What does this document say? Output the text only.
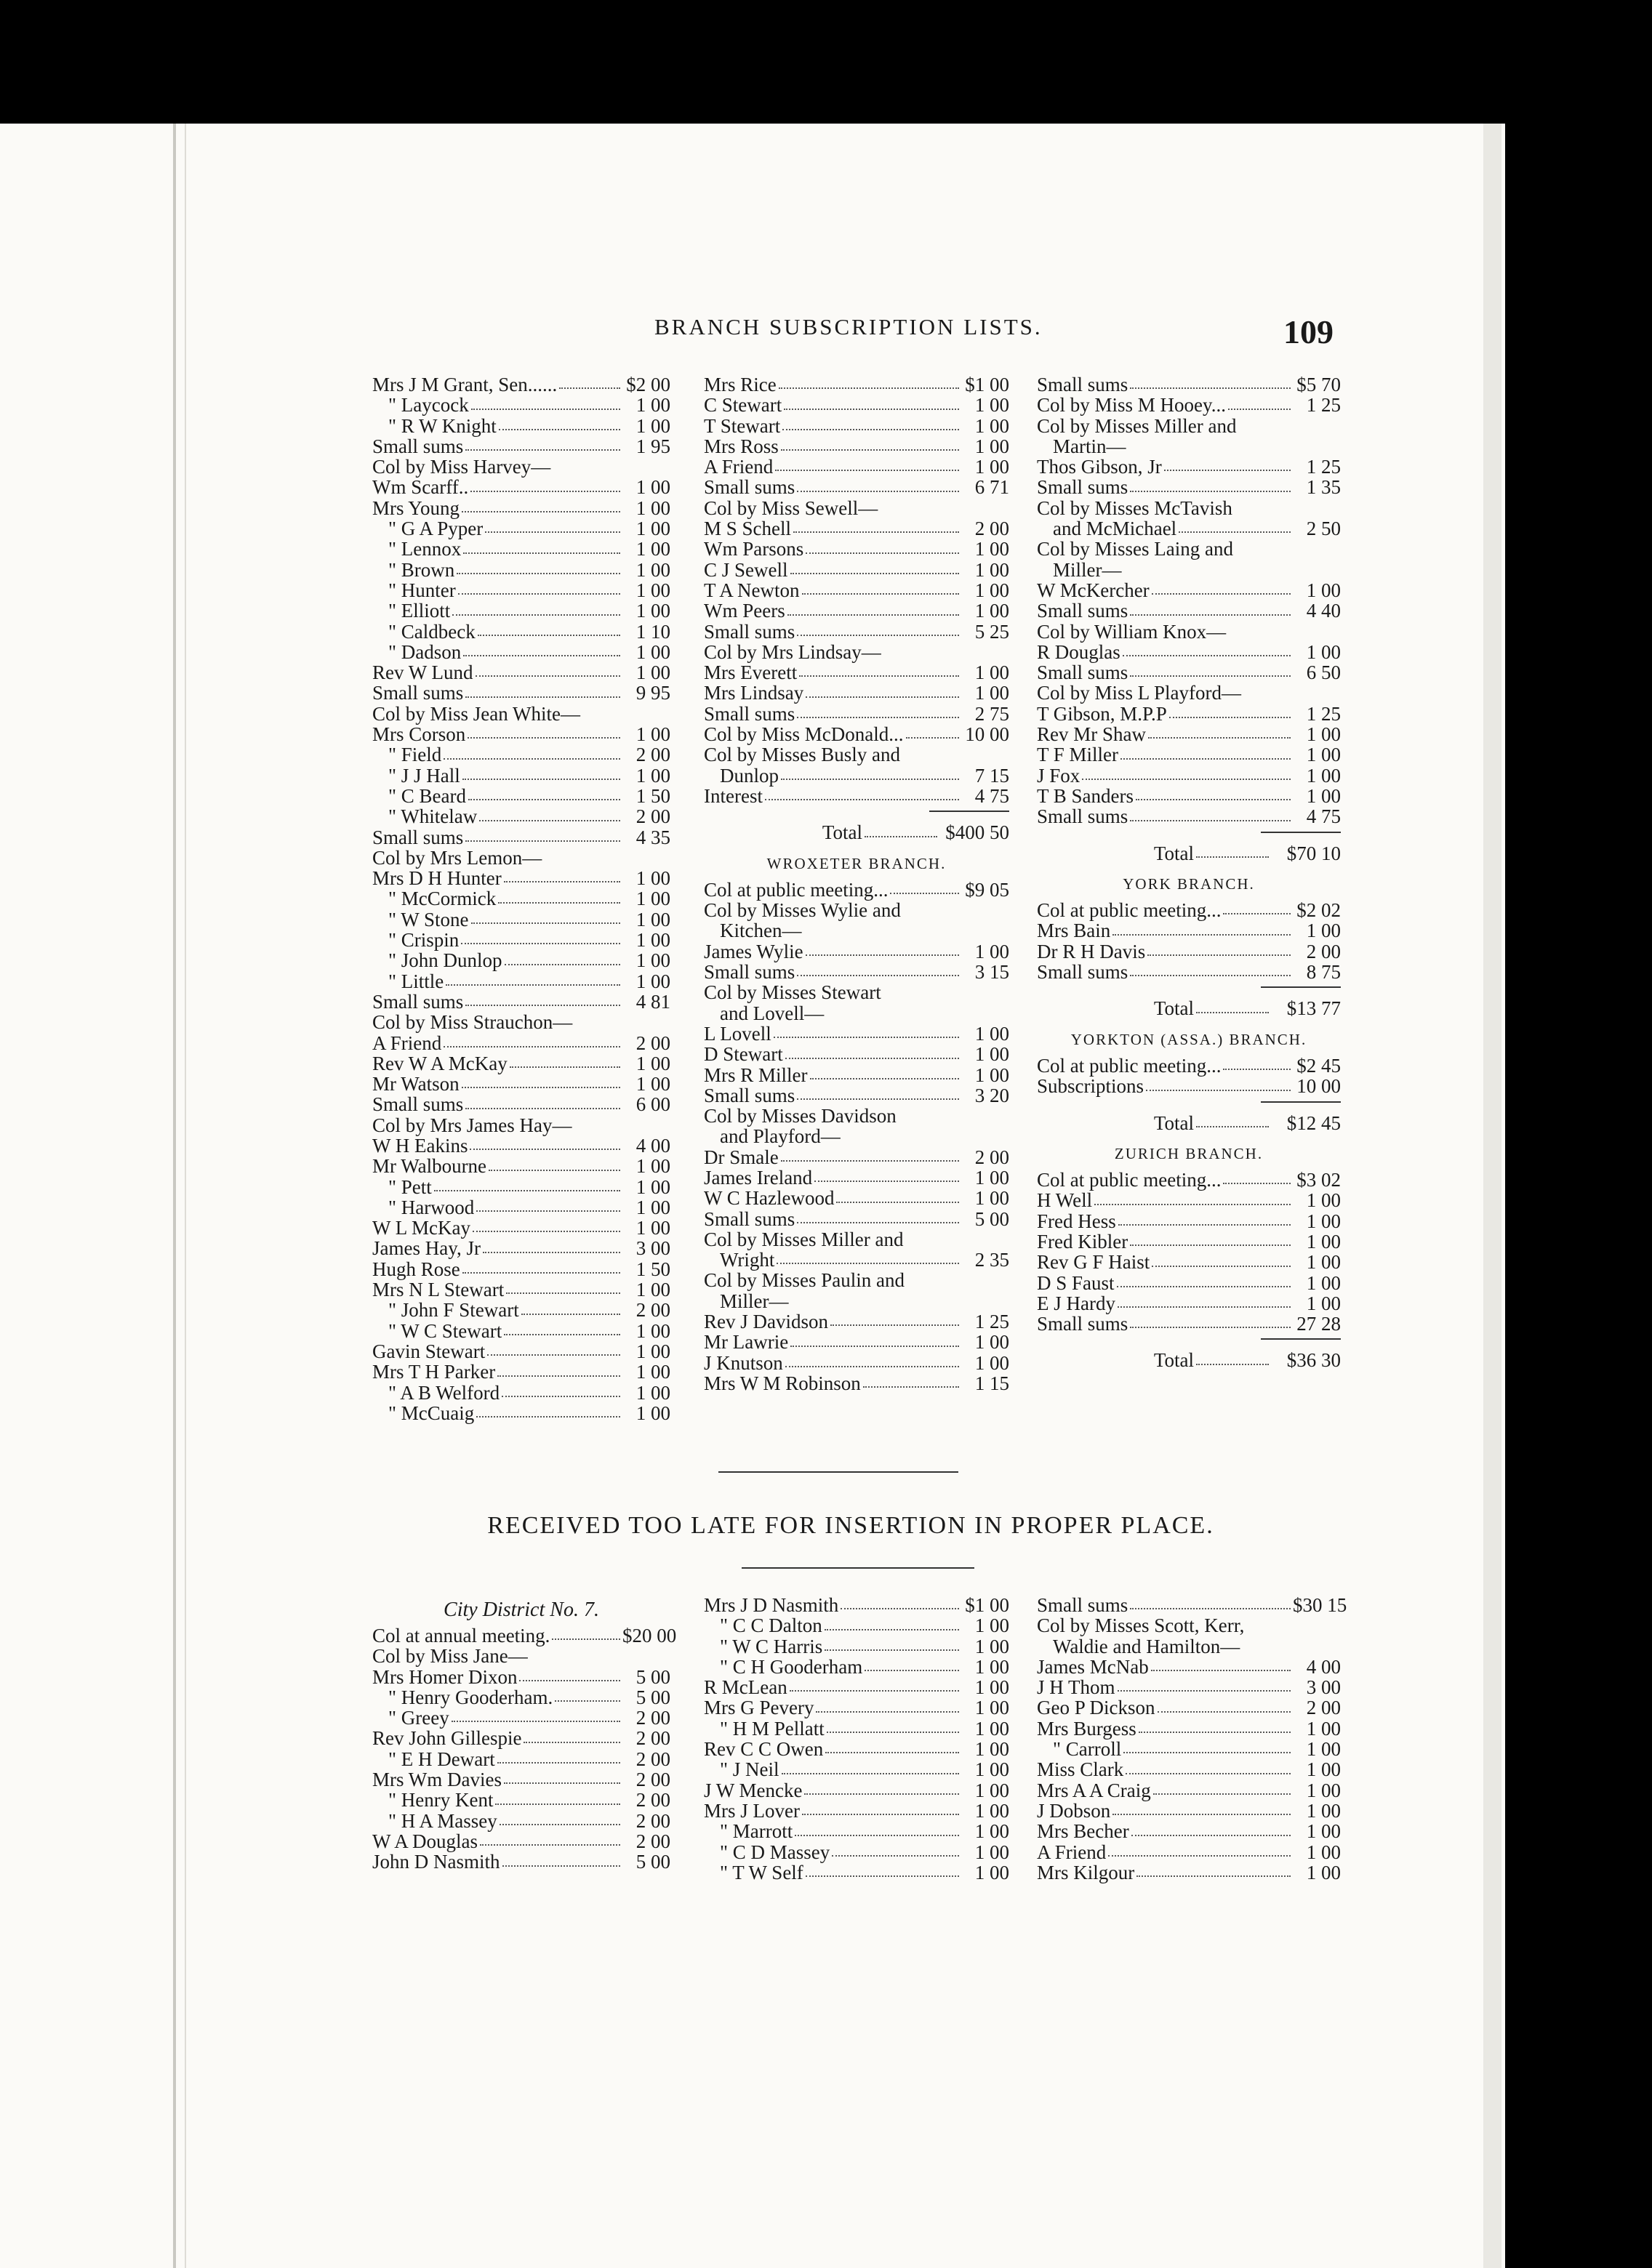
BRANCH SUBSCRIPTION LISTS.	109
Mrs J M Grant, Sen......	$2 00
" Laycock	1 00
" R W Knight	1 00
Small sums	1 95
Col by Miss Harvey—
Wm Scarff..	1 00
Mrs Young	1 00
" G A Pyper	1 00
" Lennox	1 00
" Brown	1 00
" Hunter	1 00
" Elliott	1 00
" Caldbeck	1 10
" Dadson	1 00
Rev W Lund	1 00
Small sums	9 95
Col by Miss Jean White—
Mrs Corson	1 00
" Field	2 00
" J J Hall	1 00
" C Beard	1 50
" Whitelaw	2 00
Small sums	4 35
Col by Mrs Lemon—
Mrs D H Hunter	1 00
" McCormick	1 00
" W Stone	1 00
" Crispin	1 00
" John Dunlop	1 00
" Little	1 00
Small sums	4 81
Col by Miss Strauchon—
A Friend	2 00
Rev W A McKay	1 00
Mr Watson	1 00
Small sums	6 00
Col by Mrs James Hay—
W H Eakins	4 00
Mr Walbourne	1 00
" Pett	1 00
" Harwood	1 00
W L McKay	1 00
James Hay, Jr	3 00
Hugh Rose	1 50
Mrs N L Stewart	1 00
" John F Stewart	2 00
" W C Stewart	1 00
Gavin Stewart	1 00
Mrs T H Parker	1 00
" A B Welford	1 00
" McCuaig	1 00
Mrs Rice	$1 00
C Stewart	1 00
T Stewart	1 00
Mrs Ross	1 00
A Friend	1 00
Small sums	6 71
Col by Miss Sewell—
M S Schell	2 00
Wm Parsons	1 00
C J Sewell	1 00
T A Newton	1 00
Wm Peers	1 00
Small sums	5 25
Col by Mrs Lindsay—
Mrs Everett	1 00
Mrs Lindsay	1 00
Small sums	2 75
Col by Miss McDonald...	10 00
Col by Misses Busly and
Dunlop	7 15
Interest	4 75
Total	$400 50
WROXETER BRANCH.
Col at public meeting...	$9 05
Col by Misses Wylie and
Kitchen—
James Wylie	1 00
Small sums	3 15
Col by Misses Stewart
and Lovell—
L Lovell	1 00
D Stewart	1 00
Mrs R Miller	1 00
Small sums	3 20
Col by Misses Davidson
and Playford—
Dr Smale	2 00
James Ireland	1 00
W C Hazlewood	1 00
Small sums	5 00
Col by Misses Miller and
Wright	2 35
Col by Misses Paulin and
Miller—
Rev J Davidson	1 25
Mr Lawrie	1 00
J Knutson	1 00
Mrs W M Robinson	1 15
Small sums	$5 70
Col by Miss M Hooey...	1 25
Col by Misses Miller and
Martin—
Thos Gibson, Jr	1 25
Small sums	1 35
Col by Misses McTavish
and McMichael	2 50
Col by Misses Laing and
Miller—
W McKercher	1 00
Small sums	4 40
Col by William Knox—
R Douglas	1 00
Small sums	6 50
Col by Miss L Playford—
T Gibson, M.P.P	1 25
Rev Mr Shaw	1 00
T F Miller	1 00
J Fox	1 00
T B Sanders	1 00
Small sums	4 75
Total	$70 10
YORK BRANCH.
Col at public meeting...	$2 02
Mrs Bain	1 00
Dr R H Davis	2 00
Small sums	8 75
Total	$13 77
YORKTON (ASSA.) BRANCH.
Col at public meeting...	$2 45
Subscriptions	10 00
Total	$12 45
ZURICH BRANCH.
Col at public meeting...	$3 02
H Well	1 00
Fred Hess	1 00
Fred Kibler	1 00
Rev G F Haist	1 00
D S Faust	1 00
E J Hardy	1 00
Small sums	27 28
Total	$36 30
RECEIVED TOO LATE FOR INSERTION IN PROPER PLACE.
City District No. 7.
Col at annual meeting.	$20 00
Col by Miss Jane—
Mrs Homer Dixon	5 00
" Henry Gooderham.	5 00
" Greey	2 00
Rev John Gillespie	2 00
" E H Dewart	2 00
Mrs Wm Davies	2 00
" Henry Kent	2 00
" H A Massey	2 00
W A Douglas	2 00
John D Nasmith	5 00
Mrs J D Nasmith	$1 00
" C C Dalton	1 00
" W C Harris	1 00
" C H Gooderham	1 00
R McLean	1 00
Mrs G Pevery	1 00
" H M Pellatt	1 00
Rev C C Owen	1 00
" J Neil	1 00
J W Mencke	1 00
Mrs J Lover	1 00
" Marrott	1 00
" C D Massey	1 00
" T W Self	1 00
Small sums	$30 15
Col by Misses Scott, Kerr,
Waldie and Hamilton—
James McNab	4 00
J H Thom	3 00
Geo P Dickson	2 00
Mrs Burgess	1 00
" Carroll	1 00
Miss Clark	1 00
Mrs A A Craig	1 00
J Dobson	1 00
Mrs Becher	1 00
A Friend	1 00
Mrs Kilgour	1 00
